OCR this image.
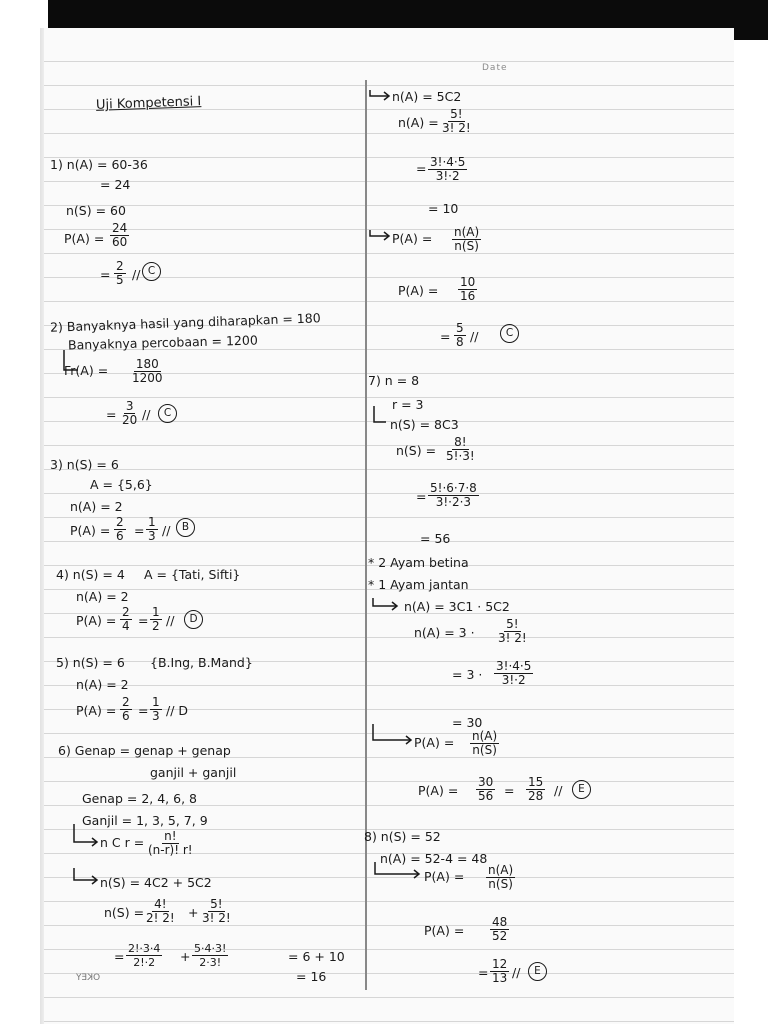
Date
OKEY
Uji Kompetensi I
1) n(A) = 60-36
= 24
n(S) = 60
$P(A) = \frac{24}{60}$
= $\frac{2}{5}$ // C
2) Banyaknya hasil yang diharapkan = 180
Banyaknya percobaan = 1200
$Fr(A) = \frac{180}{1200}$
= $\frac{3}{20}$ //	C
3) n(S) = 6
A = {5,6}
n(A) = 2
$P(A) = \frac{2}{6} = \frac{1}{3}$ //	B
4) n(S) = 4 A = {Tati, Sifti}
n(A) = 2
$P(A) = \frac{2}{4} = \frac{1}{2}$ //	D
5) n(S) = 6 {B.Ing, B.Mand}
n(A) = 2
$P(A) = \frac{2}{6} = \frac{1}{3} // D$
6) Genap = genap + genap
ganjil + ganjil
Genap = 2, 4, 6, 8
Ganjil = 1, 3, 5, 7, 9
n C $r = \frac{n!}{(n-r)! r!}$
n(S) = 4C2 + 5C2
$n(S) = \frac{4!}{2! 2!} + \frac{5!}{3! 2!}$
= $\frac{2!\cdot 3\cdot 4}{2!\cdot 2} + \frac{5\cdot 4\cdot 3!}{2\cdot 3!}$	= 6 + 10
= 16
n(A) = 5C2
$n(A) = \frac{5!}{3! 2!}$
= $\frac{3!\cdot 4\cdot 5}{3!\cdot 2}$
= 10
$P(A) = \frac{n(A)}{n(S)}$
$P(A) = \frac{10}{16}$
= $\frac{5}{8}$ //	C
7) n = 8
r = 3
n(S) = 8C3
$n(S) = \frac{8!}{5!\cdot 3!}$
= $\frac{5!\cdot 6\cdot 7\cdot 8}{3!\cdot 2\cdot 3}$
= 56
* 2 Ayam betina
* 1 Ayam jantan
n(A) = 3C1 · 5C2
$n(A) = 3 \cdot \frac{5!}{3! 2!}$
= $3 \cdot \frac{3!\cdot 4\cdot 5}{3!\cdot 2}$
= 30
$P(A) = \frac{n(A)}{n(S)}$
$P(A) = \frac{30}{56} = \frac{15}{28}$ //	E
8) n(S) = 52
n(A) = 52-4 = 48
$P(A) = \frac{n(A)}{n(S)}$
$P(A) = \frac{48}{52}$
= $\frac{12}{13}$ //	E
